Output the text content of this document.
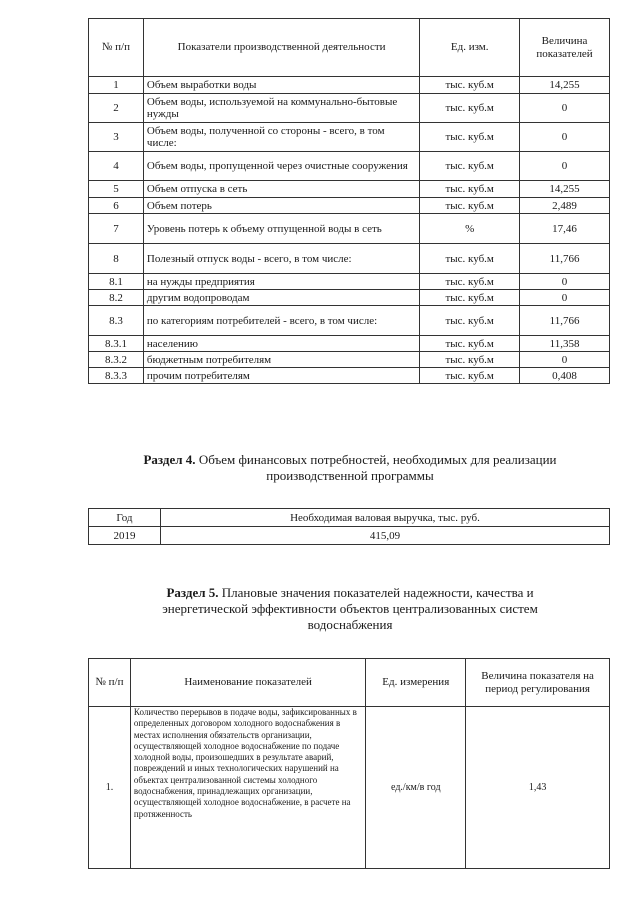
№ п/п	Показатели производственной деятельности	Ед. изм.	Величина показателей
1	Объем выработки воды	тыс. куб.м	14,255
2	Объем воды, используемой на коммунально-бытовые нужды	тыс. куб.м	0
3	Объем воды, полученной со стороны - всего, в том числе:	тыс. куб.м	0
4	Объем воды, пропущенной через очистные сооружения	тыс. куб.м	0
5	Объем отпуска в сеть	тыс. куб.м	14,255
6	Объем потерь	тыс. куб.м	2,489
7	Уровень потерь к объему отпущенной воды в сеть	%	17,46
8	Полезный отпуск воды - всего, в том числе:	тыс. куб.м	11,766
8.1	на нужды предприятия	тыс. куб.м	0
8.2	другим водопроводам	тыс. куб.м	0
8.3	по категориям потребителей - всего, в том числе:	тыс. куб.м	11,766
8.3.1	населению	тыс. куб.м	11,358
8.3.2	бюджетным потребителям	тыс. куб.м	0
8.3.3	прочим потребителям	тыс. куб.м	0,408
Раздел 4. Объем финансовых потребностей, необходимых для реализации
производственной программы
Год	Необходимая валовая выручка, тыс. руб.
2019	415,09
Раздел 5. Плановые значения показателей надежности, качества и
энергетической эффективности объектов централизованных систем
водоснабжения
№ п/п	Наименование показателей	Ед. измерения	Величина показателя на период регулирования
1.	Количество перерывов в подаче воды, зафиксированных в определенных договором холодного водоснабжения в местах исполнения обязательств организации, осуществляющей холодное водоснабжение по подаче холодной воды, произошедших в результате аварий, повреждений и иных технологических нарушений на объектах централизованной системы холодного водоснабжения, принадлежащих организации, осуществляющей холодное водоснабжение, в расчете на протяженность	ед./км/в год	1,43
